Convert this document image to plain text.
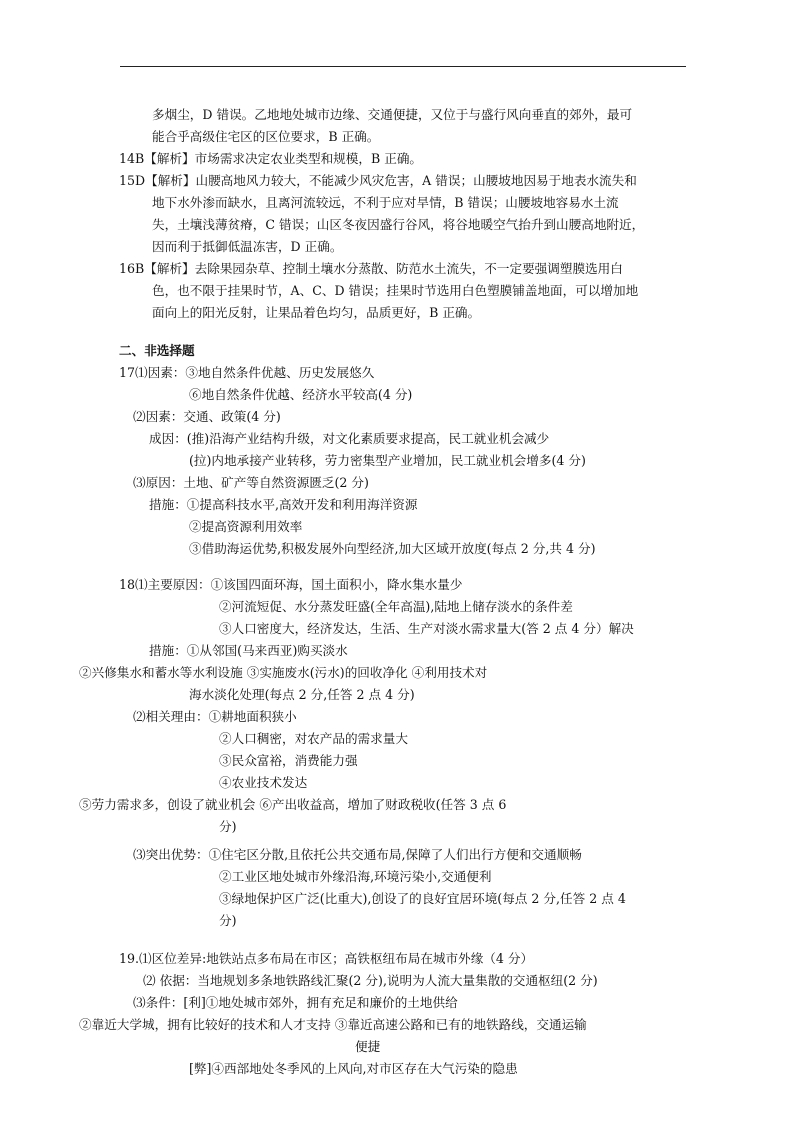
多烟尘，D 错误。乙地地处城市边缘、交通便捷，又位于与盛行风向垂直的郊外，最可
能合乎高级住宅区的区位要求，B 正确。
14B【解析】市场需求决定农业类型和规模，B 正确。
15D【解析】山腰高地风力较大，不能减少风灾危害，A 错误；山腰坡地因易于地表水流失和
地下水外渗而缺水，且离河流较远，不利于应对旱情，B 错误；山腰坡地容易水土流
失，土壤浅薄贫瘠，C 错误；山区冬夜因盛行谷风，将谷地暖空气抬升到山腰高地附近，
因而利于抵御低温冻害，D 正确。
16B【解析】去除果园杂草、控制土壤水分蒸散、防范水土流失，不一定要强调塑膜选用白
色，也不限于挂果时节，A、C、D 错误；挂果时节选用白色塑膜铺盖地面，可以增加地
面向上的阳光反射，让果品着色均匀，品质更好，B 正确。
二、非选择题
17⑴因素：③地自然条件优越、历史发展悠久
⑥地自然条件优越、经济水平较高(4 分)
⑵因素：交通、政策(4 分)
成因：(推)沿海产业结构升级，对文化素质要求提高，民工就业机会减少
(拉)内地承接产业转移，劳力密集型产业增加，民工就业机会增多(4 分)
⑶原因：土地、矿产等自然资源匮乏(2 分)
措施：①提高科技水平,高效开发和利用海洋资源
②提高资源利用效率
③借助海运优势,积极发展外向型经济,加大区域开放度(每点 2 分,共 4 分)
18⑴主要原因：①该国四面环海，国土面积小，降水集水量少
②河流短促、水分蒸发旺盛(全年高温),陆地上储存淡水的条件差
③人口密度大，经济发达，生活、生产对淡水需求量大(答 2 点 4 分）解决
措施：①从邻国(马来西亚)购买淡水
②兴修集水和蓄水等水利设施 ③实施废水(污水)的回收净化 ④利用技术对
海水淡化处理(每点 2 分,任答 2 点 4 分)
⑵相关理由：①耕地面积狭小
②人口稠密，对农产品的需求量大
③民众富裕，消费能力强
④农业技术发达
⑤劳力需求多，创设了就业机会 ⑥产出收益高，增加了财政税收(任答 3 点 6
分)
⑶突出优势：①住宅区分散,且依托公共交通布局,保障了人们出行方便和交通顺畅
②工业区地处城市外缘沿海,环境污染小,交通便利
③绿地保护区广泛(比重大),创设了的良好宜居环境(每点 2 分,任答 2 点 4
分)
19.⑴区位差异:地铁站点多布局在市区；高铁枢纽布局在城市外缘（4 分）
⑵ 依据：当地规划多条地铁路线汇聚(2 分),说明为人流大量集散的交通枢纽(2 分)
⑶条件：[利]①地处城市郊外，拥有充足和廉价的土地供给
②靠近大学城，拥有比较好的技术和人才支持 ③靠近高速公路和已有的地铁路线，交通运输
便捷
[弊]④西部地处冬季风的上风向,对市区存在大气污染的隐患
